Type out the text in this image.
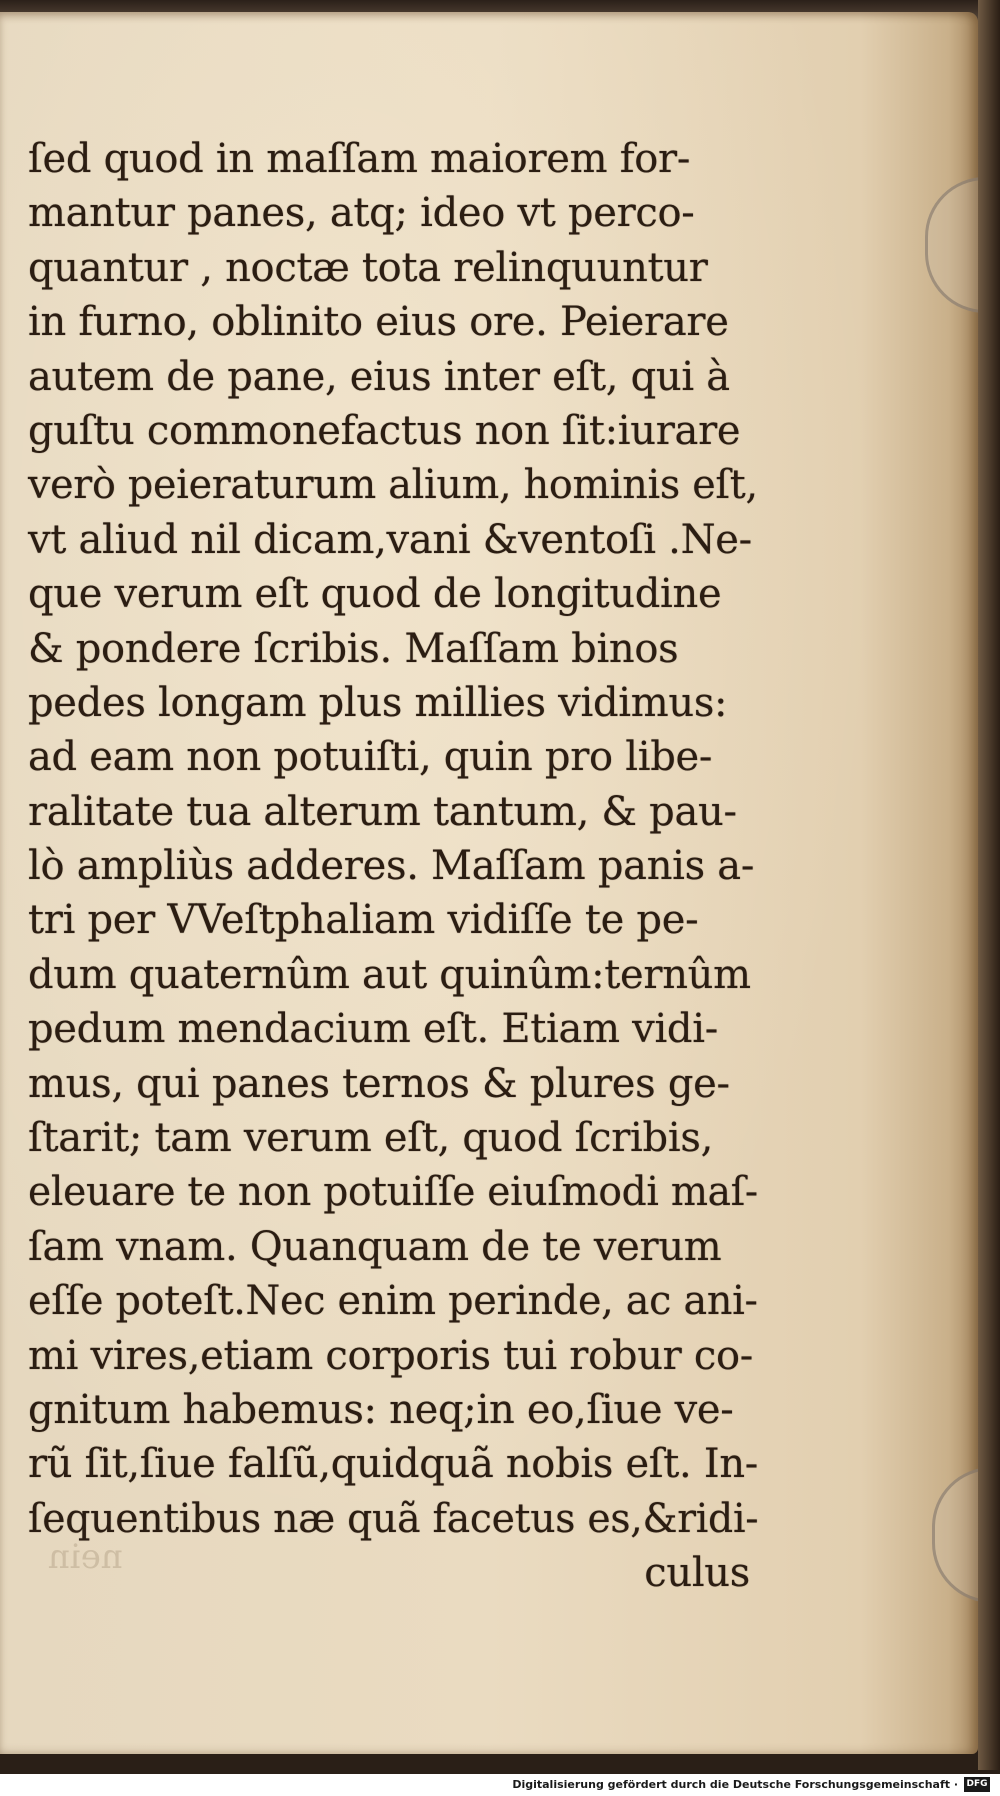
ſed quod in maſſam maiorem for-
mantur panes, atq; ideo vt perco-
quantur , noctæ tota relinquuntur
in furno, oblinito eius ore. Peierare
autem de pane, eius inter eſt, qui à
guſtu commonefactus non ſit:iurare
verò peieraturum alium, hominis eſt,
vt aliud nil dicam,vani &ventoſi .Ne-
que verum eſt quod de longitudine
& pondere ſcribis. Maſſam binos
pedes longam plus millies vidimus:
ad eam non potuiſti, quin pro libe-
ralitate tua alterum tantum, & pau-
lò ampliùs adderes. Maſſam panis a-
tri per VVeſtphaliam vidiſſe te pe-
dum quaternûm aut quinûm:ternûm
pedum mendacium eſt. Etiam vidi-
mus, qui panes ternos & plures ge-
ſtarit; tam verum eſt, quod ſcribis,
eleuare te non potuiſſe eiuſmodi maſ-
ſam vnam. Quanquam de te verum
eſſe poteſt.Nec enim perinde, ac ani-
mi vires,etiam corporis tui robur co-
gnitum habemus: neq;in eo,ſiue ve-
rũ ſit,ſiue falſũ,quidquã nobis eſt. In-
ſequentibus næ quã facetus es,&ridi-
culus
nein
Digitalisierung gefördert durch die Deutsche Forschungsgemeinschaft · DFG
